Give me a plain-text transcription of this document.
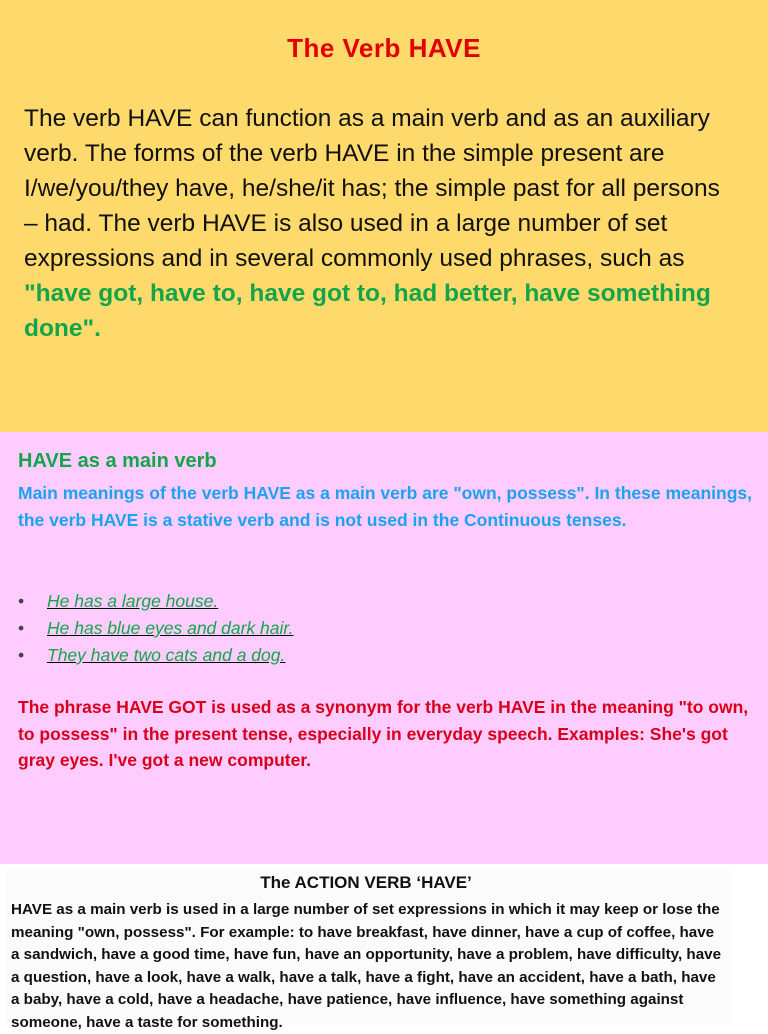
The Verb HAVE
The verb HAVE can function as a main verb and as an auxiliary verb. The forms of the verb HAVE in the simple present are I/we/you/they have, he/she/it has; the simple past for all persons – had. The verb HAVE is also used in a large number of set expressions and in several commonly used phrases, such as "have got, have to, have got to, had better, have something done".
HAVE as a main verb
Main meanings of the verb HAVE as a main verb are "own, possess". In these meanings, the verb HAVE is a stative verb and is not used in the Continuous tenses.
• He has a large house.
• He has blue eyes and dark hair.
• They have two cats and a dog.
The phrase HAVE GOT is used as a synonym for the verb HAVE in the meaning "to own, to possess" in the present tense, especially in everyday speech. Examples: She's got gray eyes. I've got a new computer.
The ACTION VERB ‘HAVE’
HAVE as a main verb is used in a large number of set expressions in which it may keep or lose the meaning "own, possess". For example: to have breakfast, have dinner, have a cup of coffee, have a sandwich, have a good time, have fun, have an opportunity, have a problem, have difficulty, have a question, have a look, have a walk, have a talk, have a fight, have an accident, have a bath, have a baby, have a cold, have a headache, have patience, have influence, have something against someone, have a taste for something.
